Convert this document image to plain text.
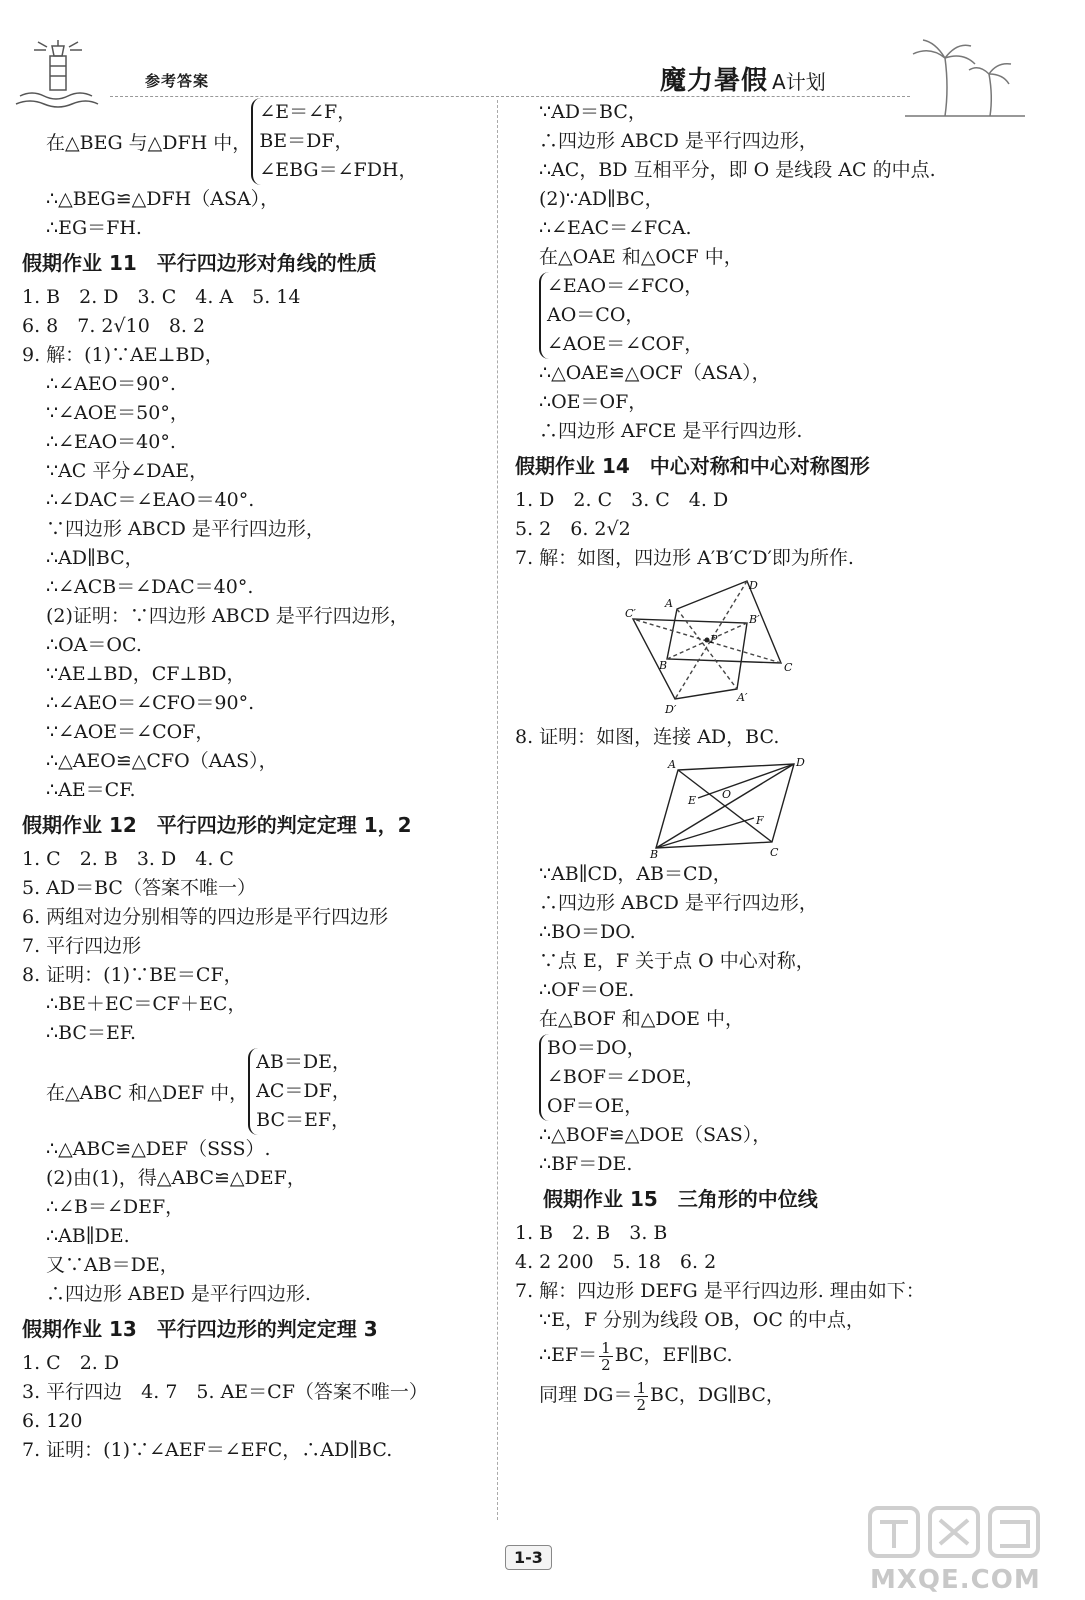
参考答案	魔力暑假 A计划
在△BEG 与△DFH 中，
∠E＝∠F，
BE＝DF，
∠EBG＝∠FDH，
∴△BEG≌△DFH（ASA），
∴EG＝FH.
假期作业 11　平行四边形对角线的性质
1. B　2. D　3. C　4. A　5. 14
6. 8　7. 2√10　8. 2
9. 解：(1)∵AE⊥BD，
∴∠AEO＝90°.
∵∠AOE＝50°，
∴∠EAO＝40°.
∵AC 平分∠DAE，
∴∠DAC＝∠EAO＝40°.
∵四边形 ABCD 是平行四边形，
∴AD∥BC，
∴∠ACB＝∠DAC＝40°.
(2)证明：∵四边形 ABCD 是平行四边形，
∴OA＝OC.
∵AE⊥BD，CF⊥BD，
∴∠AEO＝∠CFO＝90°.
∵∠AOE＝∠COF，
∴△AEO≌△CFO（AAS），
∴AE＝CF.
假期作业 12　平行四边形的判定定理 1，2
1. C　2. B　3. D　4. C
5. AD＝BC（答案不唯一）
6. 两组对边分别相等的四边形是平行四边形
7. 平行四边形
8. 证明：(1)∵BE＝CF，
∴BE＋EC＝CF＋EC，
∴BC＝EF.
在△ABC 和△DEF 中，
AB＝DE，
AC＝DF，
BC＝EF，
∴△ABC≌△DEF（SSS）.
(2)由(1)，得△ABC≌△DEF，
∴∠B＝∠DEF，
∴AB∥DE.
又∵AB＝DE，
∴四边形 ABED 是平行四边形.
假期作业 13　平行四边形的判定定理 3
1. C　2. D
3. 平行四边　4. 7　5. AE＝CF（答案不唯一）
6. 120
7. 证明：(1)∵∠AEF＝∠EFC，∴AD∥BC.
∵AD＝BC，
∴四边形 ABCD 是平行四边形，
∴AC，BD 互相平分，即 O 是线段 AC 的中点.
(2)∵AD∥BC，
∴∠EAC＝∠FCA.
在△OAE 和△OCF 中，
∠EAO＝∠FCO，
AO＝CO，
∠AOE＝∠COF，
∴△OAE≌△OCF（ASA），
∴OE＝OF，
∴四边形 AFCE 是平行四边形.
假期作业 14　中心对称和中心对称图形
1. D　2. C　3. C　4. D
5. 2　6. 2√2
7. 解：如图，四边形 A′B′C′D′即为所作.
A
D
C
B
A′
B′
C′
D′
P
8. 证明：如图，连接 AD，BC.
A	D
C
B
E
F
O
∵AB∥CD，AB＝CD，
∴四边形 ABCD 是平行四边形，
∴BO＝DO.
∵点 E，F 关于点 O 中心对称，
∴OF＝OE.
在△BOF 和△DOE 中，
BO＝DO，
∠BOF＝∠DOE，
OF＝OE，
∴△BOF≌△DOE（SAS），
∴BF＝DE.
假期作业 15　三角形的中位线
1. B　2. B　3. B
4. 2 200　5. 18　6. 2
7. 解：四边形 DEFG 是平行四边形. 理由如下：
∵E，F 分别为线段 OB，OC 的中点，
∴EF＝ $\frac{1}{2}$ BC，EF∥BC.
同理 $DG= \frac{1}{2}$ BC，DG∥BC，
1-3
MXQE.COM
